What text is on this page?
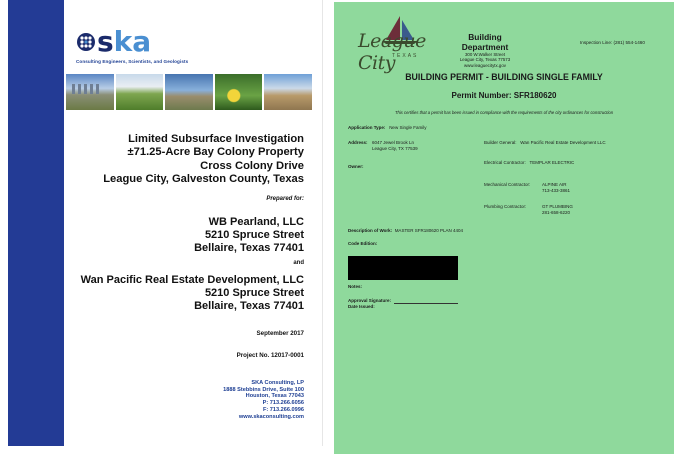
ska
Consulting Engineers, Scientists, and Geologists
Limited Subsurface Investigation
±71.25-Acre Bay Colony Property
Cross Colony Drive
League City, Galveston County, Texas
Prepared for:
WB Pearland, LLC
5210 Spruce Street
Bellaire, Texas 77401
and
Wan Pacific Real Estate Development, LLC
5210 Spruce Street
Bellaire, Texas 77401
September 2017
Project No. 12017-0001
SKA Consulting, LP
1888 Stebbins Drive, Suite 100
Houston, Texas 77043
P: 713.266.6056
F: 713.266.0996
www.skaconsulting.com
League City
TEXAS
Building Department
300 W.Walker Street
League City, Texas 77573
www.leaguecitytx.gov
Inspection Line: (281) 554-1460
BUILDING PERMIT - BUILDING SINGLE FAMILY
Permit Number: SFR180620
This certifies that a permit has been issued in compliance with the requirements of the city ordinances for construction
Application Type: New Single Family
Address: 6047 Jewel Brook Ln
League City, TX 77539
Owner:
Builder General: Wan Pacific Real Estate Development LLC
Electrical Contractor: TEMPLAR ELECTRIC
Mechanical Contractor:	ALPINE AIR
713-433-3861
Plumbing Contractor:	GT PLUMBING
281-658-6220
Description of Work: MASTER SFR180620 PLAN 4404
Code Edition:
Notes:
Approval Signature:
Date Issued:
